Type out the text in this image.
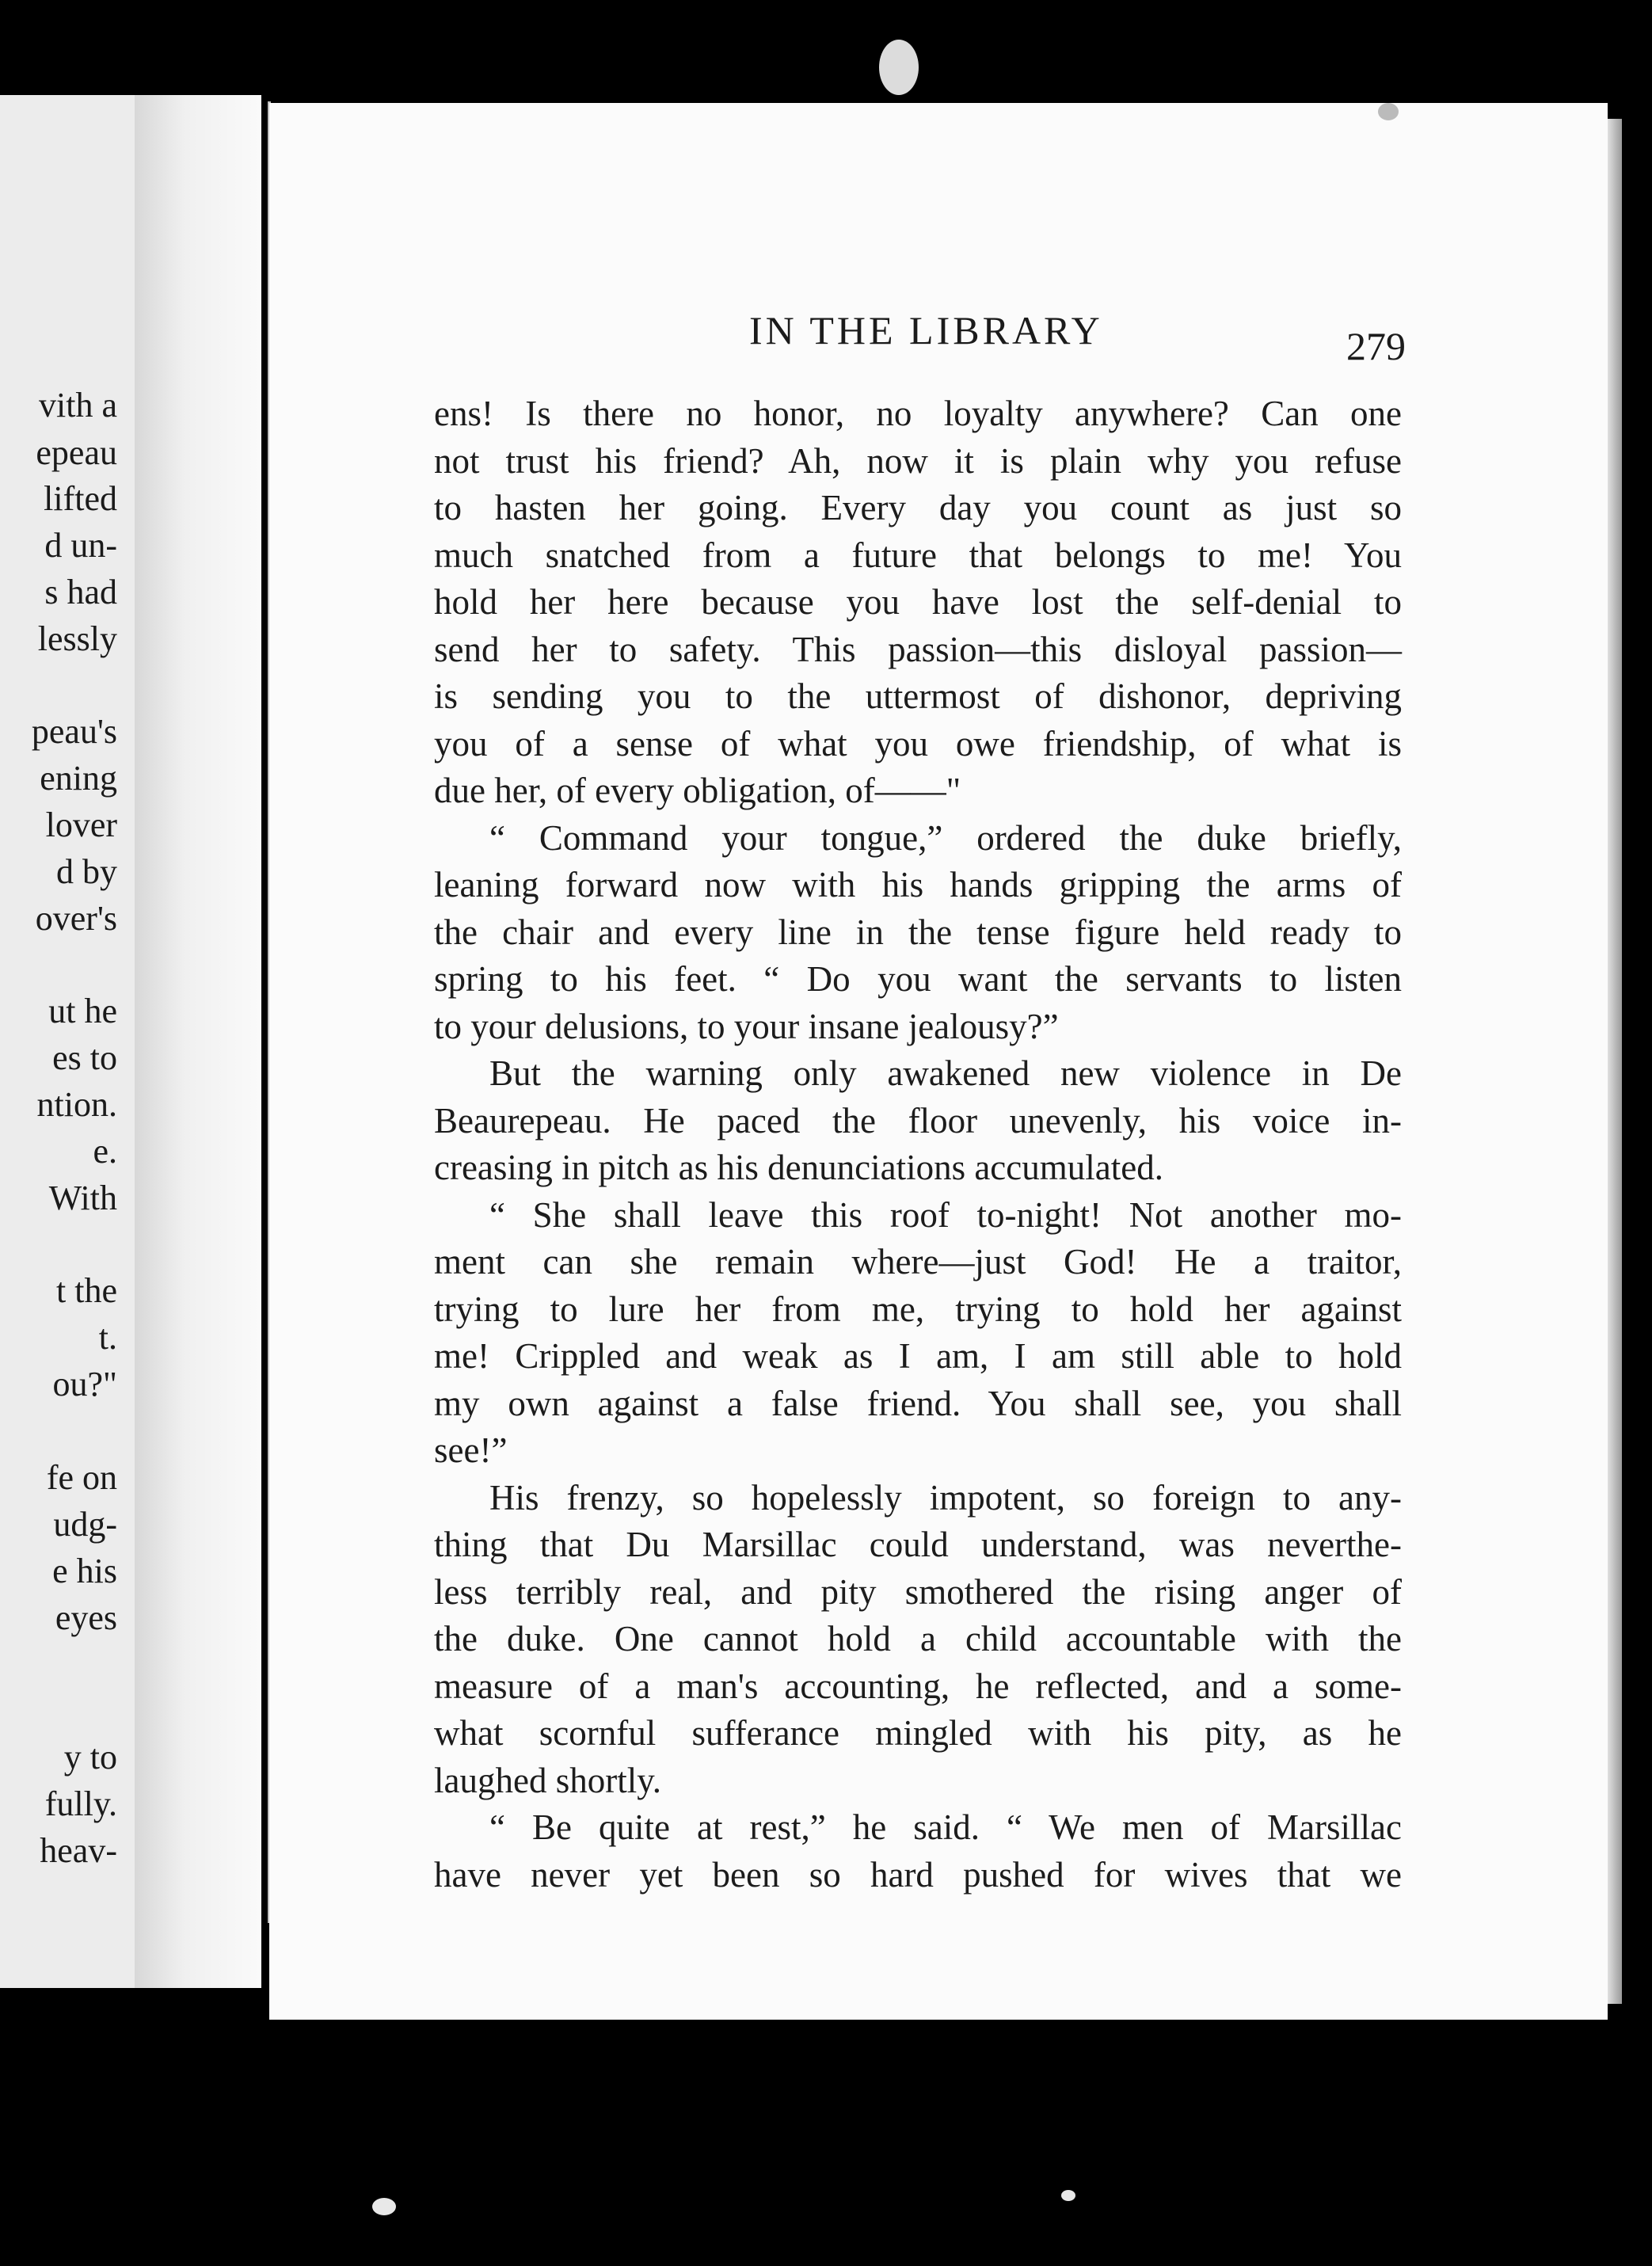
vith a
epeau
lifted
d un-
s had
lessly
peau's
ening
lover
d by
over's
ut he
es to
ntion.
e.
With
t the
t.
ou?"
fe on
udg-
e his
eyes
y to
fully.
heav-
IN THE LIBRARY	279
ens! Is there no honor, no loyalty anywhere? Can one
not trust his friend? Ah, now it is plain why you refuse
to hasten her going. Every day you count as just so
much snatched from a future that belongs to me! You
hold her here because you have lost the self-denial to
send her to safety. This passion—this disloyal passion—
is sending you to the uttermost of dishonor, depriving
you of a sense of what you owe friendship, of what is
due her, of every obligation, of——"
“ Command your tongue,” ordered the duke briefly,
leaning forward now with his hands gripping the arms of
the chair and every line in the tense figure held ready to
spring to his feet. “ Do you want the servants to listen
to your delusions, to your insane jealousy?”
But the warning only awakened new violence in De
Beaurepeau. He paced the floor unevenly, his voice in-
creasing in pitch as his denunciations accumulated.
“ She shall leave this roof to-night! Not another mo-
ment can she remain where—just God! He a traitor,
trying to lure her from me, trying to hold her against
me! Crippled and weak as I am, I am still able to hold
my own against a false friend. You shall see, you shall
see!”
His frenzy, so hopelessly impotent, so foreign to any-
thing that Du Marsillac could understand, was neverthe-
less terribly real, and pity smothered the rising anger of
the duke. One cannot hold a child accountable with the
measure of a man's accounting, he reflected, and a some-
what scornful sufferance mingled with his pity, as he
laughed shortly.
“ Be quite at rest,” he said. “ We men of Marsillac
have never yet been so hard pushed for wives that we
